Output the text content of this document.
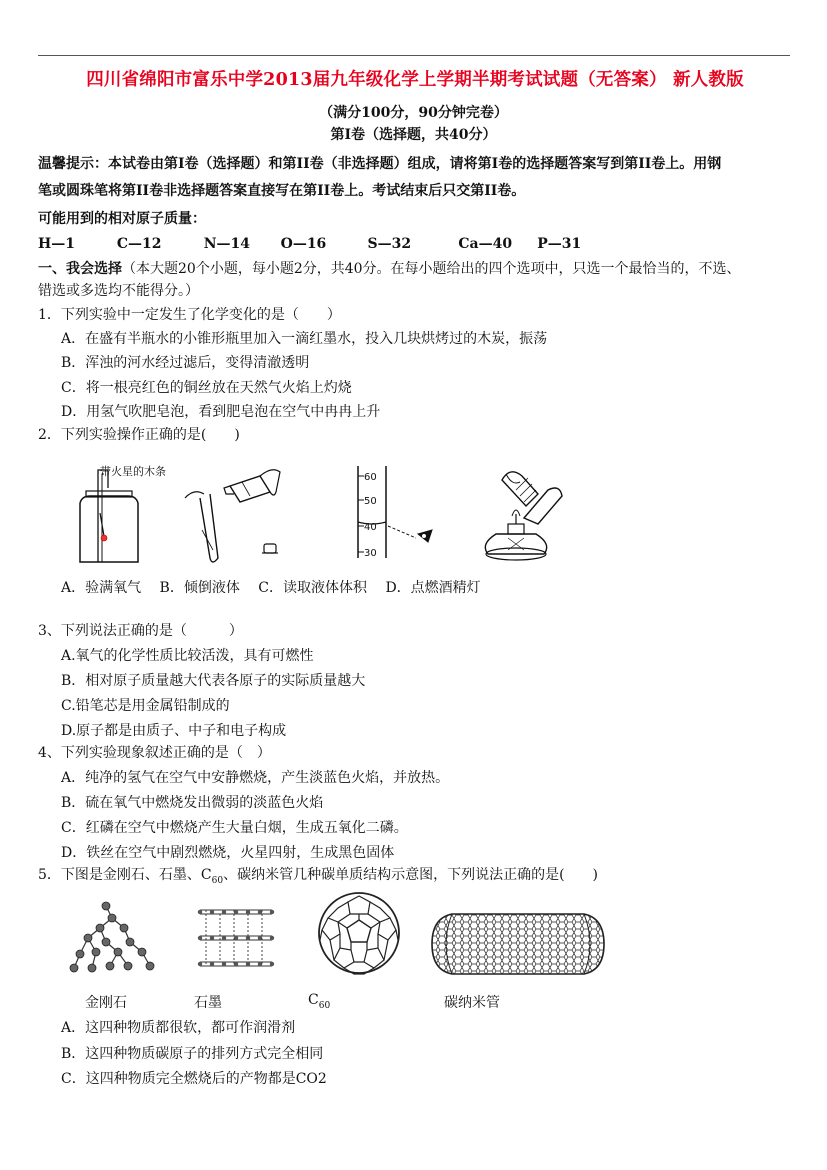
四川省绵阳市富乐中学2013届九年级化学上学期半期考试试题（无答案） 新人教版
（满分100分，90分钟完卷）
第I卷（选择题，共40分）
温馨提示：本试卷由第I卷（选择题）和第II卷（非选择题）组成，请将第I卷的选择题答案写到第II卷上。用钢
笔或圆珠笔将第II卷非选择题答案直接写在第II卷上。考试结束后只交第II卷。
可能用到的相对原子质量：
H—1	C—12	N—14 O—16	S—32	Ca—40 P—31
一、我会选择（本大题20个小题，每小题2分，共40分。在每小题给出的四个选项中，只选一个最恰当的，不选、
错选或多选均不能得分。）
1．下列实验中一定发生了化学变化的是（　　）
A．在盛有半瓶水的小锥形瓶里加入一滴红墨水，投入几块烘烤过的木炭，振荡
B．浑浊的河水经过滤后，变得清澈透明
C．将一根亮红色的铜丝放在天然气火焰上灼烧
D．用氢气吹肥皂泡，看到肥皂泡在空气中冉冉上升
2．下列实验操作正确的是(　　)
带火星的木条	60
50
40
30
A．验满氧气　 B．倾倒液体　 C．读取液体体积　 D．点燃酒精灯
3、下列说法正确的是（　　　）
A.氧气的化学性质比较活泼，具有可燃性
B．相对原子质量越大代表各原子的实际质量越大
C.铅笔芯是用金属铅制成的
D.原子都是由质子、中子和电子构成
4、下列实验现象叙述正确的是（　）
A．纯净的氢气在空气中安静燃烧，产生淡蓝色火焰，并放热。
B．硫在氧气中燃烧发出微弱的淡蓝色火焰
C．红磷在空气中燃烧产生大量白烟，生成五氧化二磷。
D．铁丝在空气中剧烈燃烧，火星四射，生成黑色固体
5．下图是金刚石、石墨、$C_{60}$、碳纳米管几种碳单质结构示意图，下列说法正确的是(　　)
金刚石	石墨	$C_{60}$	碳纳米管
A．这四种物质都很软，都可作润滑剂
B．这四种物质碳原子的排列方式完全相同
C．这四种物质完全燃烧后的产物都是CO2
